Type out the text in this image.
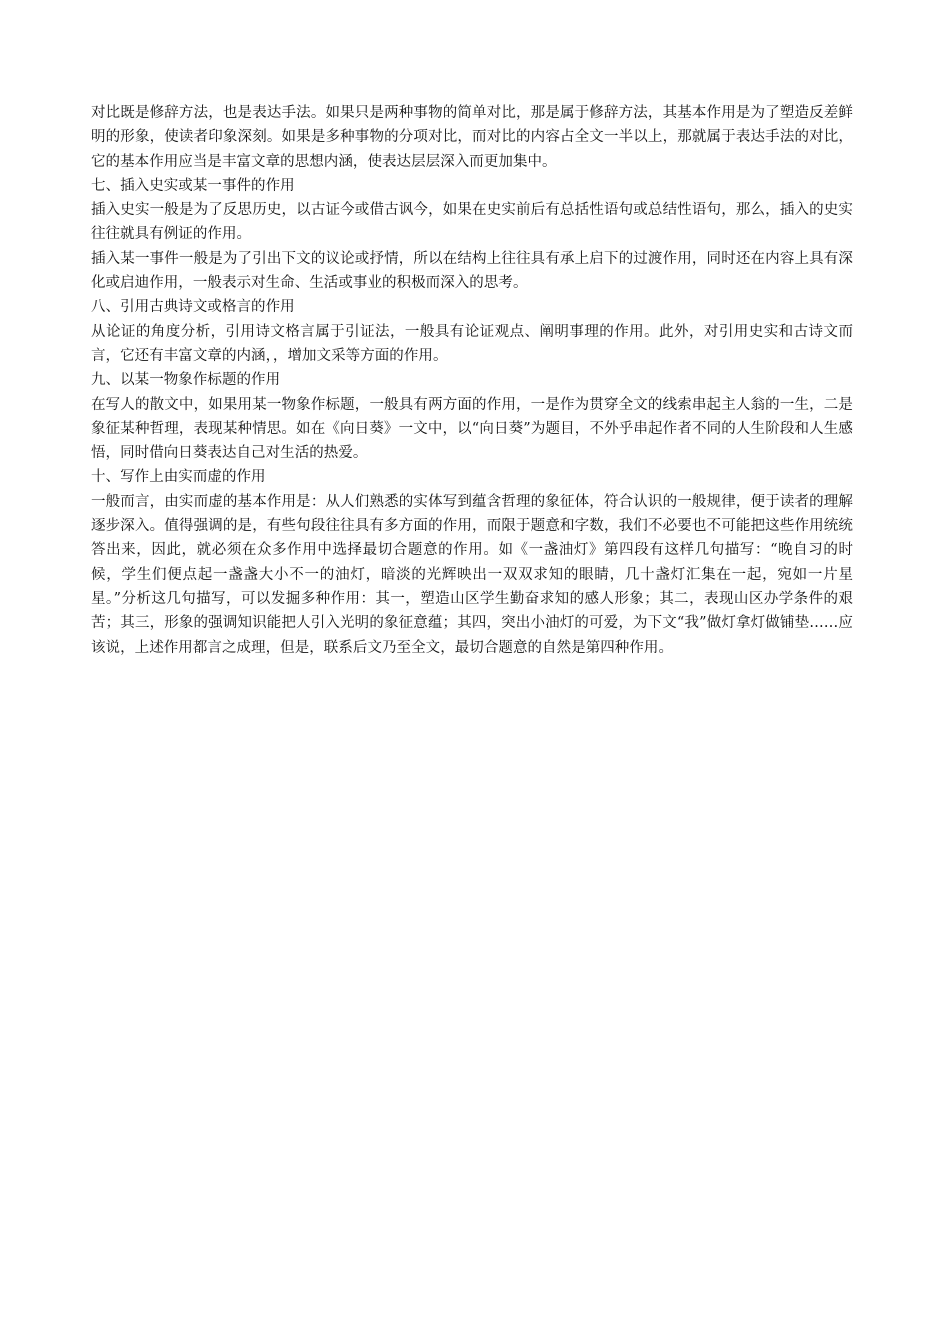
对比既是修辞方法，也是表达手法。如果只是两种事物的简单对比，那是属于修辞方法，其基本作用是为了塑造反差鲜明的形象，使读者印象深刻。如果是多种事物的分项对比，而对比的内容占全文一半以上，那就属于表达手法的对比，它的基本作用应当是丰富文章的思想内涵，使表达层层深入而更加集中。

七、插入史实或某一事件的作用

插入史实一般是为了反思历史，以古证今或借古讽今，如果在史实前后有总括性语句或总结性语句，那么，插入的史实往往就具有例证的作用。

插入某一事件一般是为了引出下文的议论或抒情，所以在结构上往往具有承上启下的过渡作用，同时还在内容上具有深化或启迪作用，一般表示对生命、生活或事业的积极而深入的思考。

八、引用古典诗文或格言的作用

从论证的角度分析，引用诗文格言属于引证法，一般具有论证观点、阐明事理的作用。此外，对引用史实和古诗文而言，它还有丰富文章的内涵，，增加文采等方面的作用。

九、以某一物象作标题的作用

在写人的散文中，如果用某一物象作标题，一般具有两方面的作用，一是作为贯穿全文的线索串起主人翁的一生，二是象征某种哲理，表现某种情思。如在《向日葵》一文中，以“向日葵”为题目，不外乎串起作者不同的人生阶段和人生感悟，同时借向日葵表达自己对生活的热爱。

十、写作上由实而虚的作用

一般而言，由实而虚的基本作用是：从人们熟悉的实体写到蕴含哲理的象征体，符合认识的一般规律，便于读者的理解逐步深入。值得强调的是，有些句段往往具有多方面的作用，而限于题意和字数，我们不必要也不可能把这些作用统统答出来，因此，就必须在众多作用中选择最切合题意的作用。如《一盏油灯》第四段有这样几句描写：“晚自习的时候，学生们便点起一盏盏大小不一的油灯，暗淡的光辉映出一双双求知的眼睛，几十盏灯汇集在一起，宛如一片星星。”分析这几句描写，可以发掘多种作用：其一，塑造山区学生勤奋求知的感人形象；其二，表现山区办学条件的艰苦；其三，形象的强调知识能把人引入光明的象征意蕴；其四，突出小油灯的可爱，为下文“我”做灯拿灯做铺垫……应该说，上述作用都言之成理，但是，联系后文乃至全文，最切合题意的自然是第四种作用。
